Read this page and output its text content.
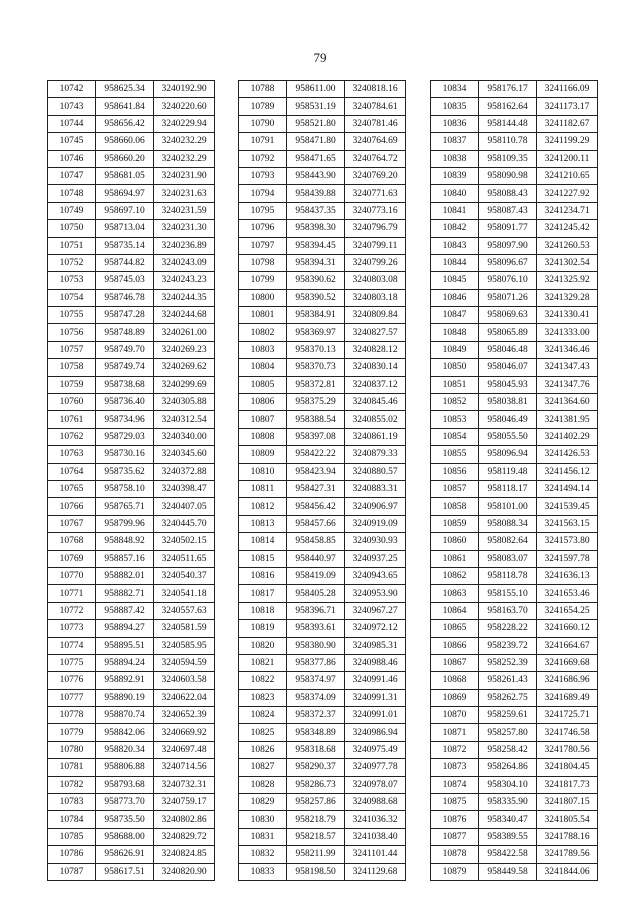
79
10742	958625.34	3240192.90
10743	958641.84	3240220.60
10744	958656.42	3240229.94
10745	958660.06	3240232.29
10746	958660.20	3240232.29
10747	958681.05	3240231.90
10748	958694.97	3240231.63
10749	958697.10	3240231.59
10750	958713.04	3240231.30
10751	958735.14	3240236.89
10752	958744.82	3240243.09
10753	958745.03	3240243.23
10754	958746.78	3240244.35
10755	958747.28	3240244.68
10756	958748.89	3240261.00
10757	958749.70	3240269.23
10758	958749.74	3240269.62
10759	958738.68	3240299.69
10760	958736.40	3240305.88
10761	958734.96	3240312.54
10762	958729.03	3240340.00
10763	958730.16	3240345.60
10764	958735.62	3240372.88
10765	958758.10	3240398.47
10766	958765.71	3240407.05
10767	958799.96	3240445.70
10768	958848.92	3240502.15
10769	958857.16	3240511.65
10770	958882.01	3240540.37
10771	958882.71	3240541.18
10772	958887.42	3240557.63
10773	958894.27	3240581.59
10774	958895.51	3240585.95
10775	958894.24	3240594.59
10776	958892.91	3240603.58
10777	958890.19	3240622.04
10778	958870.74	3240652.39
10779	958842.06	3240669.92
10780	958820.34	3240697.48
10781	958806.88	3240714.56
10782	958793.68	3240732.31
10783	958773.70	3240759.17
10784	958735.50	3240802.86
10785	958688.00	3240829.72
10786	958626.91	3240824.85
10787	958617.51	3240820.90
10788	958611.00	3240818.16
10789	958531.19	3240784.61
10790	958521.80	3240781.46
10791	958471.80	3240764.69
10792	958471.65	3240764.72
10793	958443.90	3240769.20
10794	958439.88	3240771.63
10795	958437.35	3240773.16
10796	958398.30	3240796.79
10797	958394.45	3240799.11
10798	958394.31	3240799.26
10799	958390.62	3240803.08
10800	958390.52	3240803.18
10801	958384.91	3240809.84
10802	958369.97	3240827.57
10803	958370.13	3240828.12
10804	958370.73	3240830.14
10805	958372.81	3240837.12
10806	958375.29	3240845.46
10807	958388.54	3240855.02
10808	958397.08	3240861.19
10809	958422.22	3240879.33
10810	958423.94	3240880.57
10811	958427.31	3240883.31
10812	958456.42	3240906.97
10813	958457.66	3240919.09
10814	958458.85	3240930.93
10815	958440.97	3240937.25
10816	958419.09	3240943.65
10817	958405.28	3240953.90
10818	958396.71	3240967.27
10819	958393.61	3240972.12
10820	958380.90	3240985.31
10821	958377.86	3240988.46
10822	958374.97	3240991.46
10823	958374.09	3240991.31
10824	958372.37	3240991.01
10825	958348.89	3240986.94
10826	958318.68	3240975.49
10827	958290.37	3240977.78
10828	958286.73	3240978.07
10829	958257.86	3240988.68
10830	958218.79	3241036.32
10831	958218.57	3241038.40
10832	958211.99	3241101.44
10833	958198.50	3241129.68
10834	958176.17	3241166.09
10835	958162.64	3241173.17
10836	958144.48	3241182.67
10837	958110.78	3241199.29
10838	958109.35	3241200.11
10839	958090.98	3241210.65
10840	958088.43	3241227.92
10841	958087.43	3241234.71
10842	958091.77	3241245.42
10843	958097.90	3241260.53
10844	958096.67	3241302.54
10845	958076.10	3241325.92
10846	958071.26	3241329.28
10847	958069.63	3241330.41
10848	958065.89	3241333.00
10849	958046.48	3241346.46
10850	958046.07	3241347.43
10851	958045.93	3241347.76
10852	958038.81	3241364.60
10853	958046.49	3241381.95
10854	958055.50	3241402.29
10855	958096.94	3241426.53
10856	958119.48	3241456.12
10857	958118.17	3241494.14
10858	958101.00	3241539.45
10859	958088.34	3241563.15
10860	958082.64	3241573.80
10861	958083.07	3241597.78
10862	958118.78	3241636.13
10863	958155.10	3241653.46
10864	958163.70	3241654.25
10865	958228.22	3241660.12
10866	958239.72	3241664.67
10867	958252.39	3241669.68
10868	958261.43	3241686.96
10869	958262.75	3241689.49
10870	958259.61	3241725.71
10871	958257.80	3241746.58
10872	958258.42	3241780.56
10873	958264.86	3241804.45
10874	958304.10	3241817.73
10875	958335.90	3241807.15
10876	958340.47	3241805.54
10877	958389.55	3241788.16
10878	958422.58	3241789.56
10879	958449.58	3241844.06
